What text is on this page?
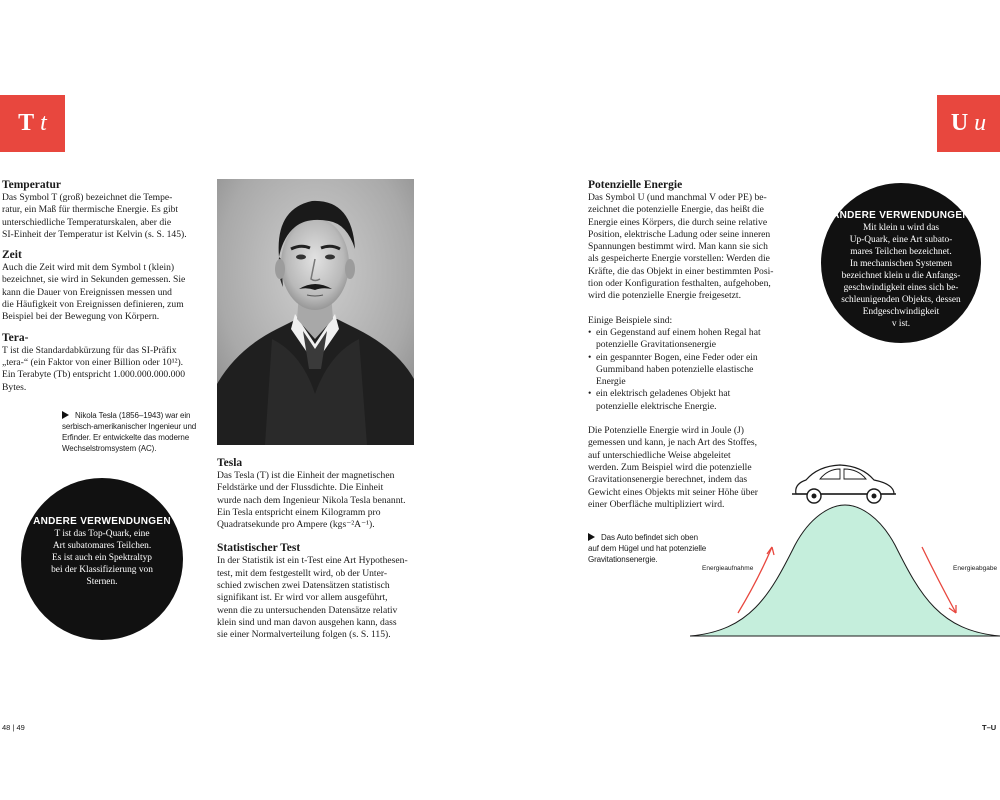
T t	U u
Temperatur

Das Symbol T (groß) bezeichnet die Tempe-

ratur, ein Maß für thermische Energie. Es gibt

unterschiedliche Temperaturskalen, aber die

SI-Einheit der Temperatur ist Kelvin (s. S. 145).

Zeit

Auch die Zeit wird mit dem Symbol t (klein)

bezeichnet, sie wird in Sekunden gemessen. Sie

kann die Dauer von Ereignissen messen und

die Häufigkeit von Ereignissen definieren, zum

Beispiel bei der Bewegung von Körpern.

Tera-

T ist die Standardabkürzung für das SI-Präfix

„tera-“ (ein Faktor von einer Billion oder 10¹²).

Ein Terabyte (Tb) entspricht 1.000.000.000.000

Bytes.

Nikola Tesla (1856–1943) war ein
serbisch-amerikanischer Ingenieur und
Erfinder. Er entwickelte das moderne
Wechselstromsystem (AC).
ANDERE VERWENDUNGEN
T ist das Top-Quark, eine
Art subatomares Teilchen.
Es ist auch ein Spektraltyp
bei der Klassifizierung von
Sternen.
Tesla

Das Tesla (T) ist die Einheit der magnetischen

Feldstärke und der Flussdichte. Die Einheit

wurde nach dem Ingenieur Nikola Tesla benannt.

Ein Tesla entspricht einem Kilogramm pro

Quadratsekunde pro Ampere (kgs⁻²A⁻¹).

Statistischer Test

In der Statistik ist ein t-Test eine Art Hypothesen-

test, mit dem festgestellt wird, ob der Unter-

schied zwischen zwei Datensätzen statistisch

signifikant ist. Er wird vor allem ausgeführt,

wenn die zu untersuchenden Datensätze relativ

klein sind und man davon ausgehen kann, dass

sie einer Normalverteilung folgen (s. S. 115).

Potenzielle Energie

Das Symbol U (und manchmal V oder PE) be-

zeichnet die potenzielle Energie, das heißt die

Energie eines Körpers, die durch seine relative

Position, elektrische Ladung oder seine inneren

Spannungen bestimmt wird. Man kann sie sich

als gespeicherte Energie vorstellen: Werden die

Kräfte, die das Objekt in einer bestimmten Posi-

tion oder Konfiguration festhalten, aufgehoben,

wird die potenzielle Energie freigesetzt.

Einige Beispiele sind:

• ein Gegenstand auf einem hohen Regal hat
potenzielle Gravitationsenergie
• ein gespannter Bogen, eine Feder oder ein
Gummiband haben potenzielle elastische
Energie
• ein elektrisch geladenes Objekt hat
potenzielle elektrische Energie.

Die Potenzielle Energie wird in Joule (J)

gemessen und kann, je nach Art des Stoffes,

auf unterschiedliche Weise abgeleitet

werden. Zum Beispiel wird die potenzielle

Gravitationsenergie berechnet, indem das

Gewicht eines Objekts mit seiner Höhe über

einer Oberfläche multipliziert wird.

ANDERE VERWENDUNGEN
Mit klein u wird das
Up-Quark, eine Art subato-
mares Teilchen bezeichnet.
In mechanischen Systemen
bezeichnet klein u die Anfangs-
geschwindigkeit eines sich be-
schleunigenden Objekts, dessen
Endgeschwindigkeit
v ist.
Das Auto befindet sich oben
auf dem Hügel und hat potenzielle
Gravitationsenergie.
Energieaufnahme	Energieabgabe
48 | 49	T–U
